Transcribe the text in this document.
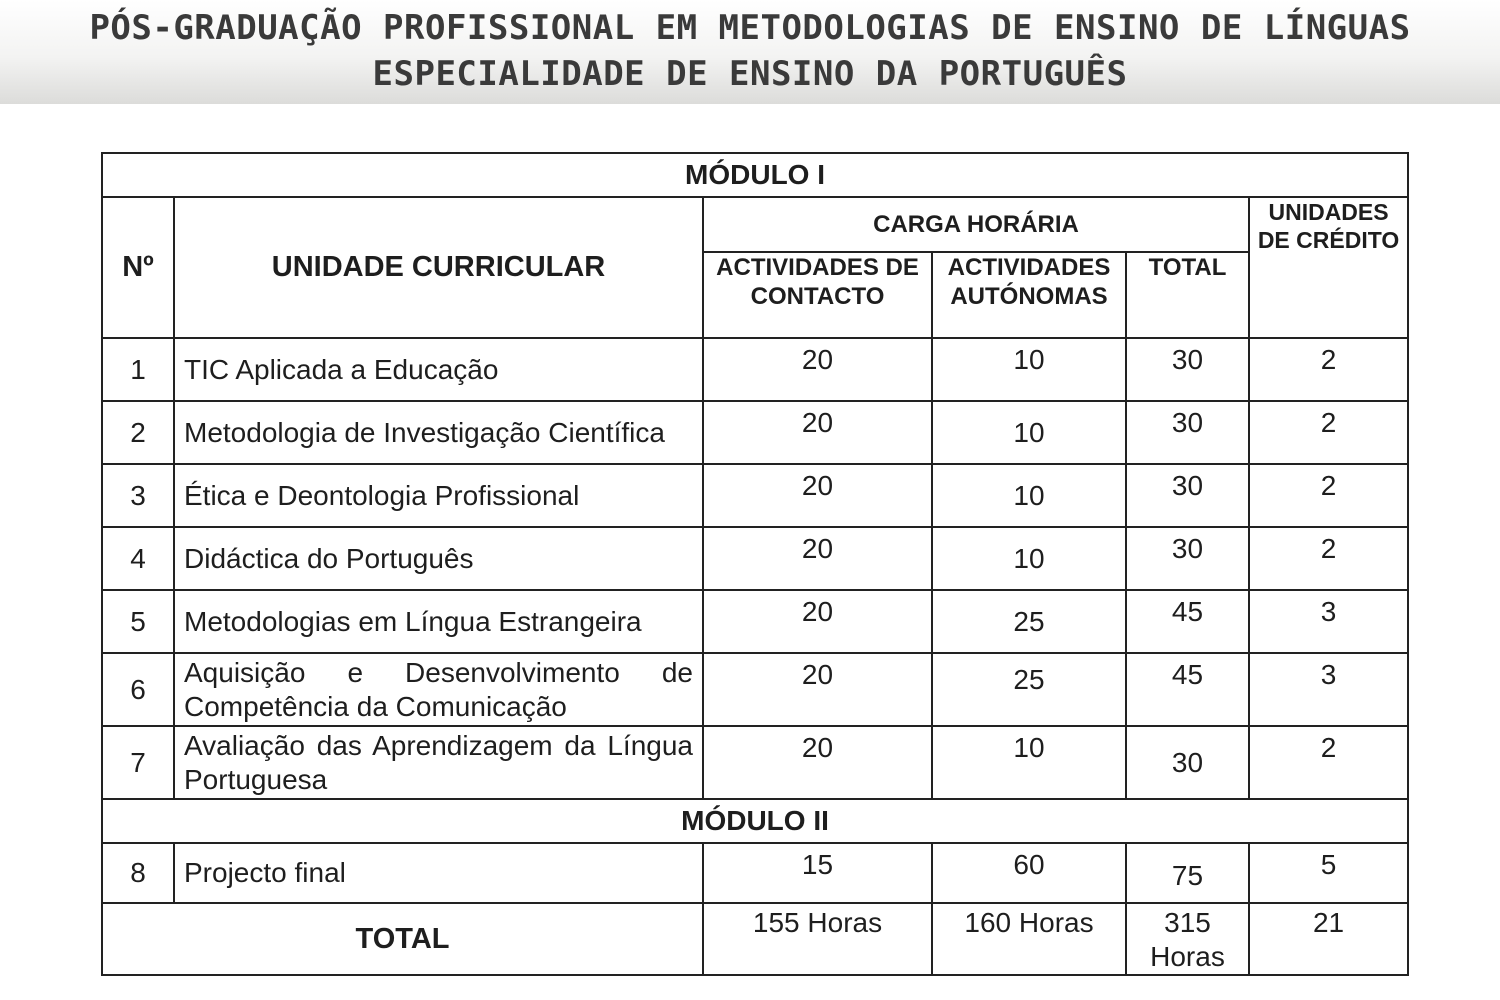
PÓS-GRADUAÇÃO PROFISSIONAL EM METODOLOGIAS DE ENSINO DE LÍNGUAS
ESPECIALIDADE DE ENSINO DA PORTUGUÊS
MÓDULO I					
Nº	UNIDADE CURRICULAR	CARGA HORÁRIA			UNIDADES DE CRÉDITO
		ACTIVIDADES DE CONTACTO	ACTIVIDADES AUTÓNOMAS	TOTAL	
1	TIC Aplicada a Educação	20	10	30	2
2	Metodologia de Investigação Científica	20	10	30	2
3	Ética e Deontologia Profissional	20	10	30	2
4	Didáctica do Português	20	10	30	2
5	Metodologias em Língua Estrangeira	20	25	45	3
6	Aquisição e Desenvolvimento de Competência da Comunicação	20	25	45	3
7	Avaliação das Aprendizagem da Língua Portuguesa	20	10	30	2
MÓDULO II					
8	Projecto final	15	60	75	5
TOTAL		155 Horas	160 Horas	315 Horas	21
